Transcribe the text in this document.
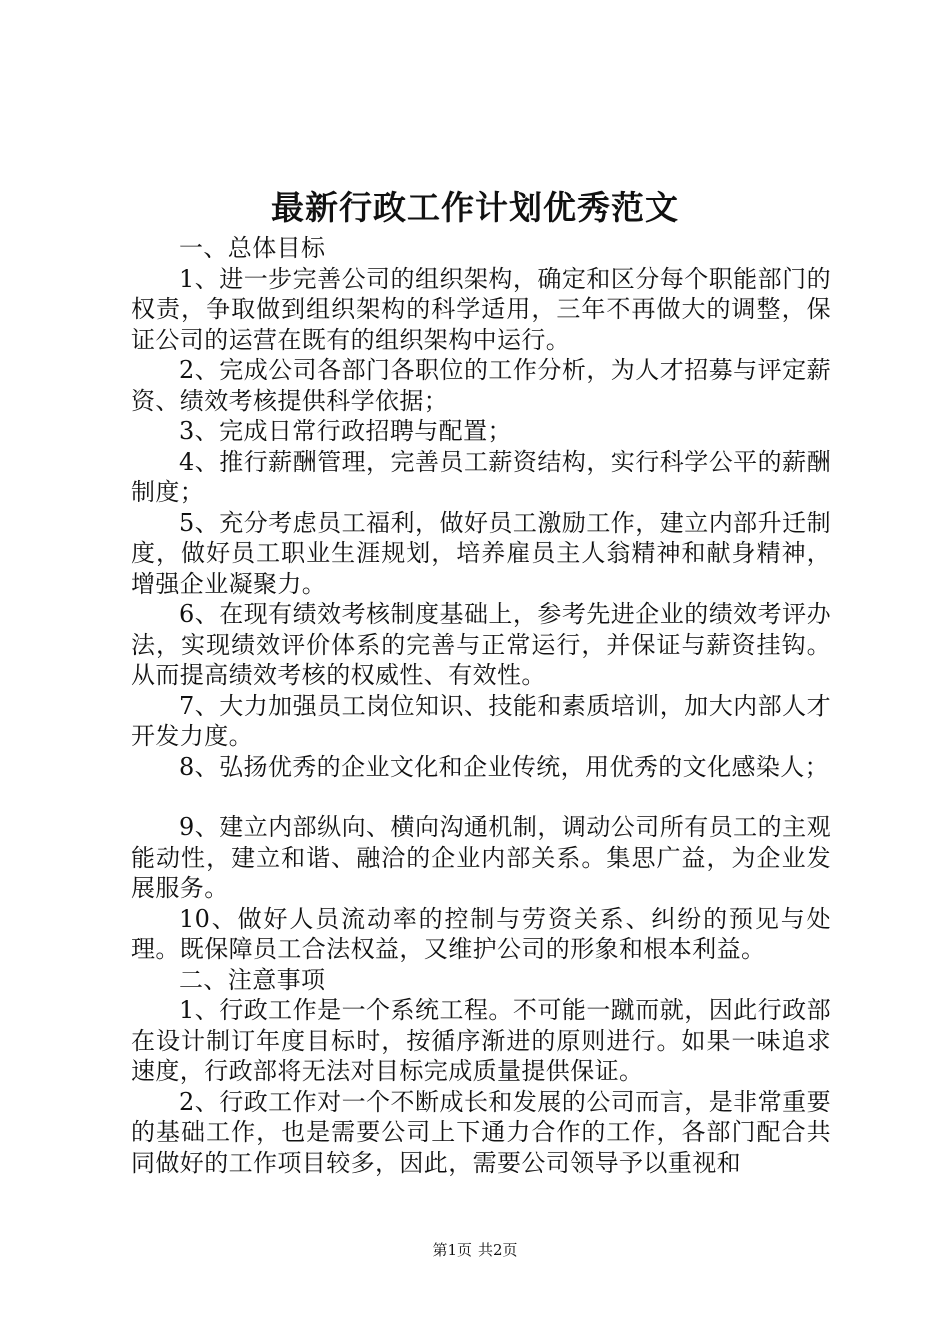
最新行政工作计划优秀范文

一、总体目标

1、进一步完善公司的组织架构，确定和区分每个职能部门的权责，争取做到组织架构的科学适用，三年不再做大的调整，保证公司的运营在既有的组织架构中运行。

2、完成公司各部门各职位的工作分析，为人才招募与评定薪资、绩效考核提供科学依据；

3、完成日常行政招聘与配置；

4、推行薪酬管理，完善员工薪资结构，实行科学公平的薪酬制度；

5、充分考虑员工福利，做好员工激励工作，建立内部升迁制度，做好员工职业生涯规划，培养雇员主人翁精神和献身精神，增强企业凝聚力。

6、在现有绩效考核制度基础上，参考先进企业的绩效考评办法，实现绩效评价体系的完善与正常运行，并保证与薪资挂钩。从而提高绩效考核的权威性、有效性。

7、大力加强员工岗位知识、技能和素质培训，加大内部人才开发力度。

8、弘扬优秀的企业文化和企业传统，用优秀的文化感染人；

9、建立内部纵向、横向沟通机制，调动公司所有员工的主观能动性，建立和谐、融洽的企业内部关系。集思广益，为企业发展服务。

10、做好人员流动率的控制与劳资关系、纠纷的预见与处理。既保障员工合法权益，又维护公司的形象和根本利益。

二、注意事项

1、行政工作是一个系统工程。不可能一蹴而就，因此行政部在设计制订年度目标时，按循序渐进的原则进行。如果一味追求速度，行政部将无法对目标完成质量提供保证。

2、行政工作对一个不断成长和发展的公司而言，是非常重要的基础工作，也是需要公司上下通力合作的工作，各部门配合共同做好的工作项目较多，因此，需要公司领导予以重视和

第1页 共2页
